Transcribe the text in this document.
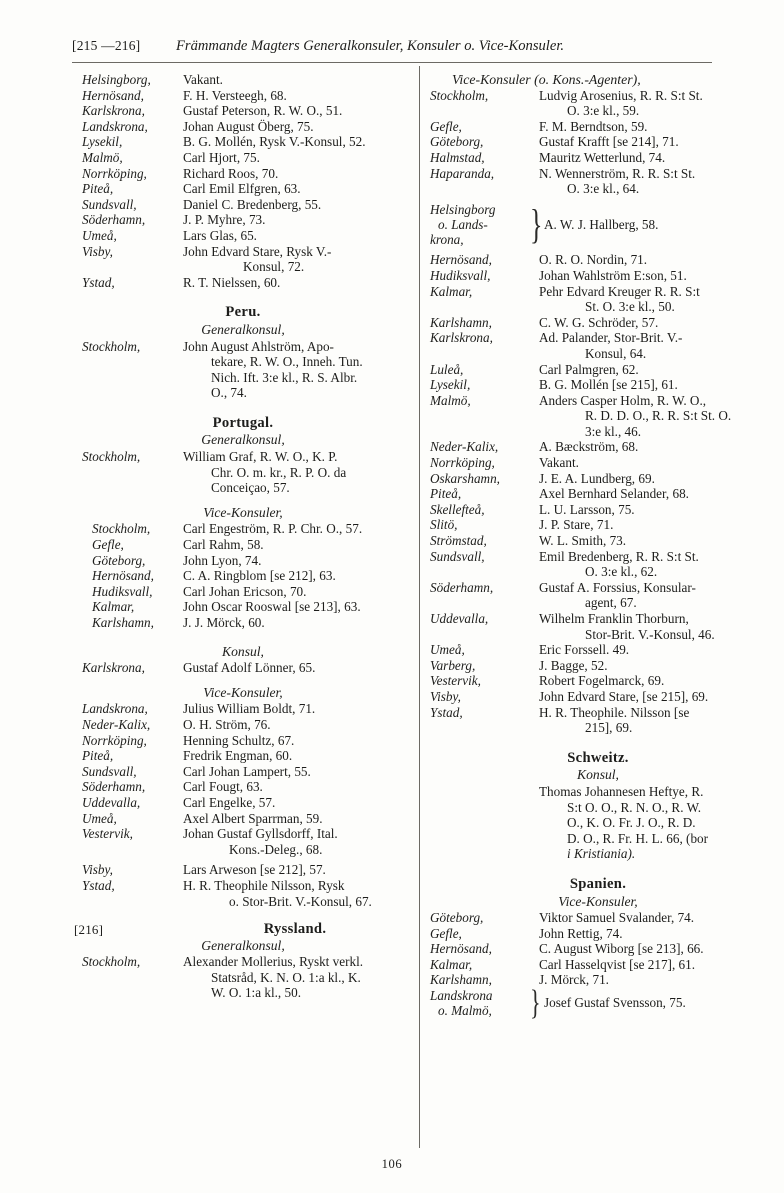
[215 —216] Främmande Magters Generalkonsuler, Konsuler o. Vice-Konsuler.
Helsingborg,	Vakant.
Hernösand,	F. H. Versteegh, 68.
Karlskrona,	Gustaf Peterson, R. W. O., 51.
Landskrona,	Johan August Öberg, 75.
Lysekil,	B. G. Mollén, Rysk V.-Konsul, 52.
Malmö,	Carl Hjort, 75.
Norrköping,	Richard Roos, 70.
Piteå,	Carl Emil Elfgren, 63.
Sundsvall,	Daniel C. Bredenberg, 55.
Söderhamn,	J. P. Myhre, 73.
Umeå,	Lars Glas, 65.
Visby,	John Edvard Stare, Rysk V.-
Konsul, 72.
Ystad,	R. T. Nielssen, 60.
Peru.
Generalkonsul,
Stockholm,	John August Ahlström, Apo-
tekare, R. W. O., Inneh. Tun.
Nich. Ift. 3:e kl., R. S. Albr.
O., 74.
Portugal.
Generalkonsul,
Stockholm,	William Graf, R. W. O., K. P.
Chr. O. m. kr., R. P. O. da
Conceiçao, 57.
Vice-Konsuler,
Stockholm,	Carl Engeström, R. P. Chr. O., 57.
Gefle,	Carl Rahm, 58.
Göteborg,	John Lyon, 74.
Hernösand,	C. A. Ringblom [se 212], 63.
Hudiksvall,	Carl Johan Ericson, 70.
Kalmar,	John Oscar Rooswal [se 213], 63.
Karlshamn,	J. J. Mörck, 60.
Konsul,
Karlskrona,	Gustaf Adolf Lönner, 65.
Vice-Konsuler,
Landskrona,	Julius William Boldt, 71.
Neder-Kalix,	O. H. Ström, 76.
Norrköping,	Henning Schultz, 67.
Piteå,	Fredrik Engman, 60.
Sundsvall,	Carl Johan Lampert, 55.
Söderhamn,	Carl Fougt, 63.
Uddevalla,	Carl Engelke, 57.
Umeå,	Axel Albert Sparrman, 59.
Vestervik,	Johan Gustaf Gyllsdorff, Ital.
Kons.-Deleg., 68.
Visby,	Lars Arweson [se 212], 57.
Ystad,	H. R. Theophile Nilsson, Rysk
o. Stor-Brit. V.-Konsul, 67.
[216]	Ryssland.
Generalkonsul,
Stockholm,	Alexander Mollerius, Ryskt verkl.
Statsråd, K. N. O. 1:a kl., K.
W. O. 1:a kl., 50.
Vice-Konsuler (o. Kons.-Agenter),
Stockholm,	Ludvig Arosenius, R. R. S:t St.
O. 3:e kl., 59.
Gefle,	F. M. Berndtson, 59.
Göteborg,	Gustaf Krafft [se 214], 71.
Halmstad,	Mauritz Wetterlund, 74.
Haparanda,	N. Wennerström, R. R. S:t St.
O. 3:e kl., 64.
Helsingborg
o. Lands-
krona,	} A. W. J. Hallberg, 58.
Hernösand,	O. R. O. Nordin, 71.
Hudiksvall,	Johan Wahlström E:son, 51.
Kalmar,	Pehr Edvard Kreuger R. R. S:t
St. O. 3:e kl., 50.
Karlshamn,	C. W. G. Schröder, 57.
Karlskrona,	Ad. Palander, Stor-Brit. V.-
Konsul, 64.
Luleå,	Carl Palmgren, 62.
Lysekil,	B. G. Mollén [se 215], 61.
Malmö,	Anders Casper Holm, R. W. O.,
R. D. D. O., R. R. S:t St. O.
3:e kl., 46.
Neder-Kalix,	A. Bæckström, 68.
Norrköping,	Vakant.
Oskarshamn,	J. E. A. Lundberg, 69.
Piteå,	Axel Bernhard Selander, 68.
Skellefteå,	L. U. Larsson, 75.
Slitö,	J. P. Stare, 71.
Strömstad,	W. L. Smith, 73.
Sundsvall,	Emil Bredenberg, R. R. S:t St.
O. 3:e kl., 62.
Söderhamn,	Gustaf A. Forssius, Konsular-
agent, 67.
Uddevalla,	Wilhelm Franklin Thorburn,
Stor-Brit. V.-Konsul, 46.
Umeå,	Eric Forssell. 49.
Varberg,	J. Bagge, 52.
Vestervik,	Robert Fogelmarck, 69.
Visby,	John Edvard Stare, [se 215], 69.
Ystad,	H. R. Theophile. Nilsson [se
215], 69.
Schweitz.
Konsul,
Thomas Johannesen Heftye, R.
S:t O. O., R. N. O., R. W.
O., K. O. Fr. J. O., R. D.
D. O., R. Fr. H. L. 66, (bor
i Kristiania).
Spanien.
Vice-Konsuler,
Göteborg,	Viktor Samuel Svalander, 74.
Gefle,	John Rettig, 74.
Hernösand,	C. August Wiborg [se 213], 66.
Kalmar,	Carl Hasselqvist [se 217], 61.
Karlshamn,	J. Mörck, 71.
Landskrona
o. Malmö,	} Josef Gustaf Svensson, 75.
106
